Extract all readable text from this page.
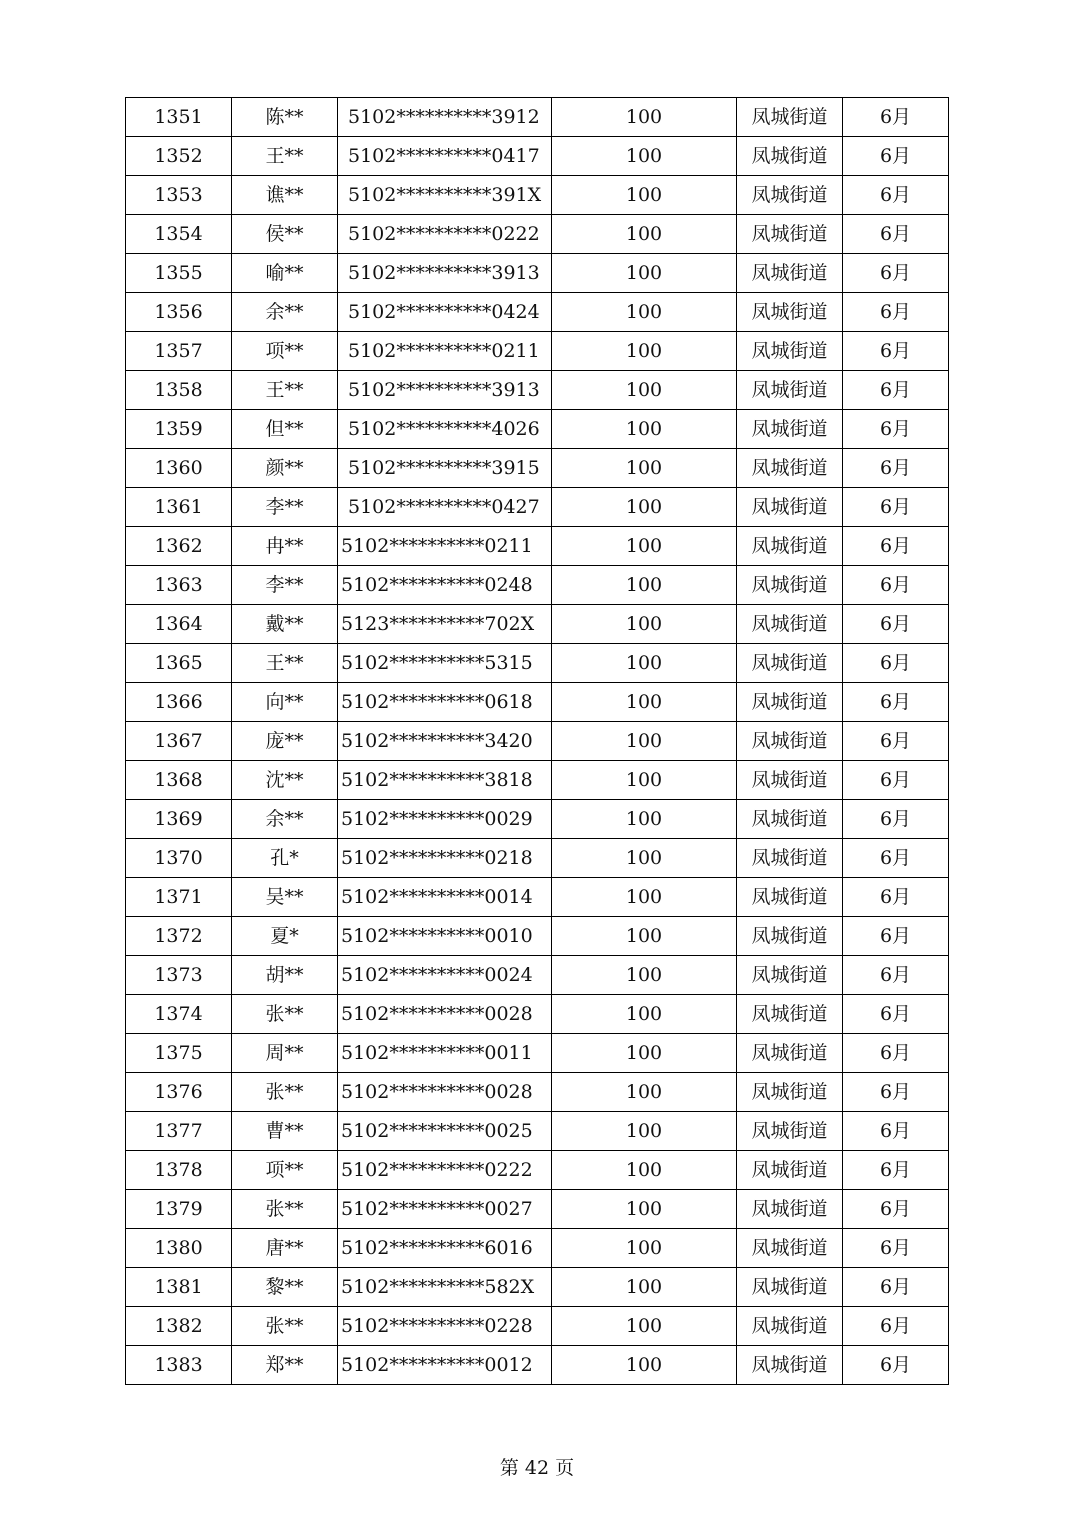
1351	陈**	5102**********3912	100	凤城街道	6月
1352	王**	5102**********0417	100	凤城街道	6月
1353	谯**	5102**********391X	100	凤城街道	6月
1354	侯**	5102**********0222	100	凤城街道	6月
1355	喻**	5102**********3913	100	凤城街道	6月
1356	余**	5102**********0424	100	凤城街道	6月
1357	项**	5102**********0211	100	凤城街道	6月
1358	王**	5102**********3913	100	凤城街道	6月
1359	但**	5102**********4026	100	凤城街道	6月
1360	颜**	5102**********3915	100	凤城街道	6月
1361	李**	5102**********0427	100	凤城街道	6月
1362	冉**	5102**********0211	100	凤城街道	6月
1363	李**	5102**********0248	100	凤城街道	6月
1364	戴**	5123**********702X	100	凤城街道	6月
1365	王**	5102**********5315	100	凤城街道	6月
1366	向**	5102**********0618	100	凤城街道	6月
1367	庞**	5102**********3420	100	凤城街道	6月
1368	沈**	5102**********3818	100	凤城街道	6月
1369	余**	5102**********0029	100	凤城街道	6月
1370	孔*	5102**********0218	100	凤城街道	6月
1371	吴**	5102**********0014	100	凤城街道	6月
1372	夏*	5102**********0010	100	凤城街道	6月
1373	胡**	5102**********0024	100	凤城街道	6月
1374	张**	5102**********0028	100	凤城街道	6月
1375	周**	5102**********0011	100	凤城街道	6月
1376	张**	5102**********0028	100	凤城街道	6月
1377	曹**	5102**********0025	100	凤城街道	6月
1378	项**	5102**********0222	100	凤城街道	6月
1379	张**	5102**********0027	100	凤城街道	6月
1380	唐**	5102**********6016	100	凤城街道	6月
1381	黎**	5102**********582X	100	凤城街道	6月
1382	张**	5102**********0228	100	凤城街道	6月
1383	郑**	5102**********0012	100	凤城街道	6月
第 42 页
